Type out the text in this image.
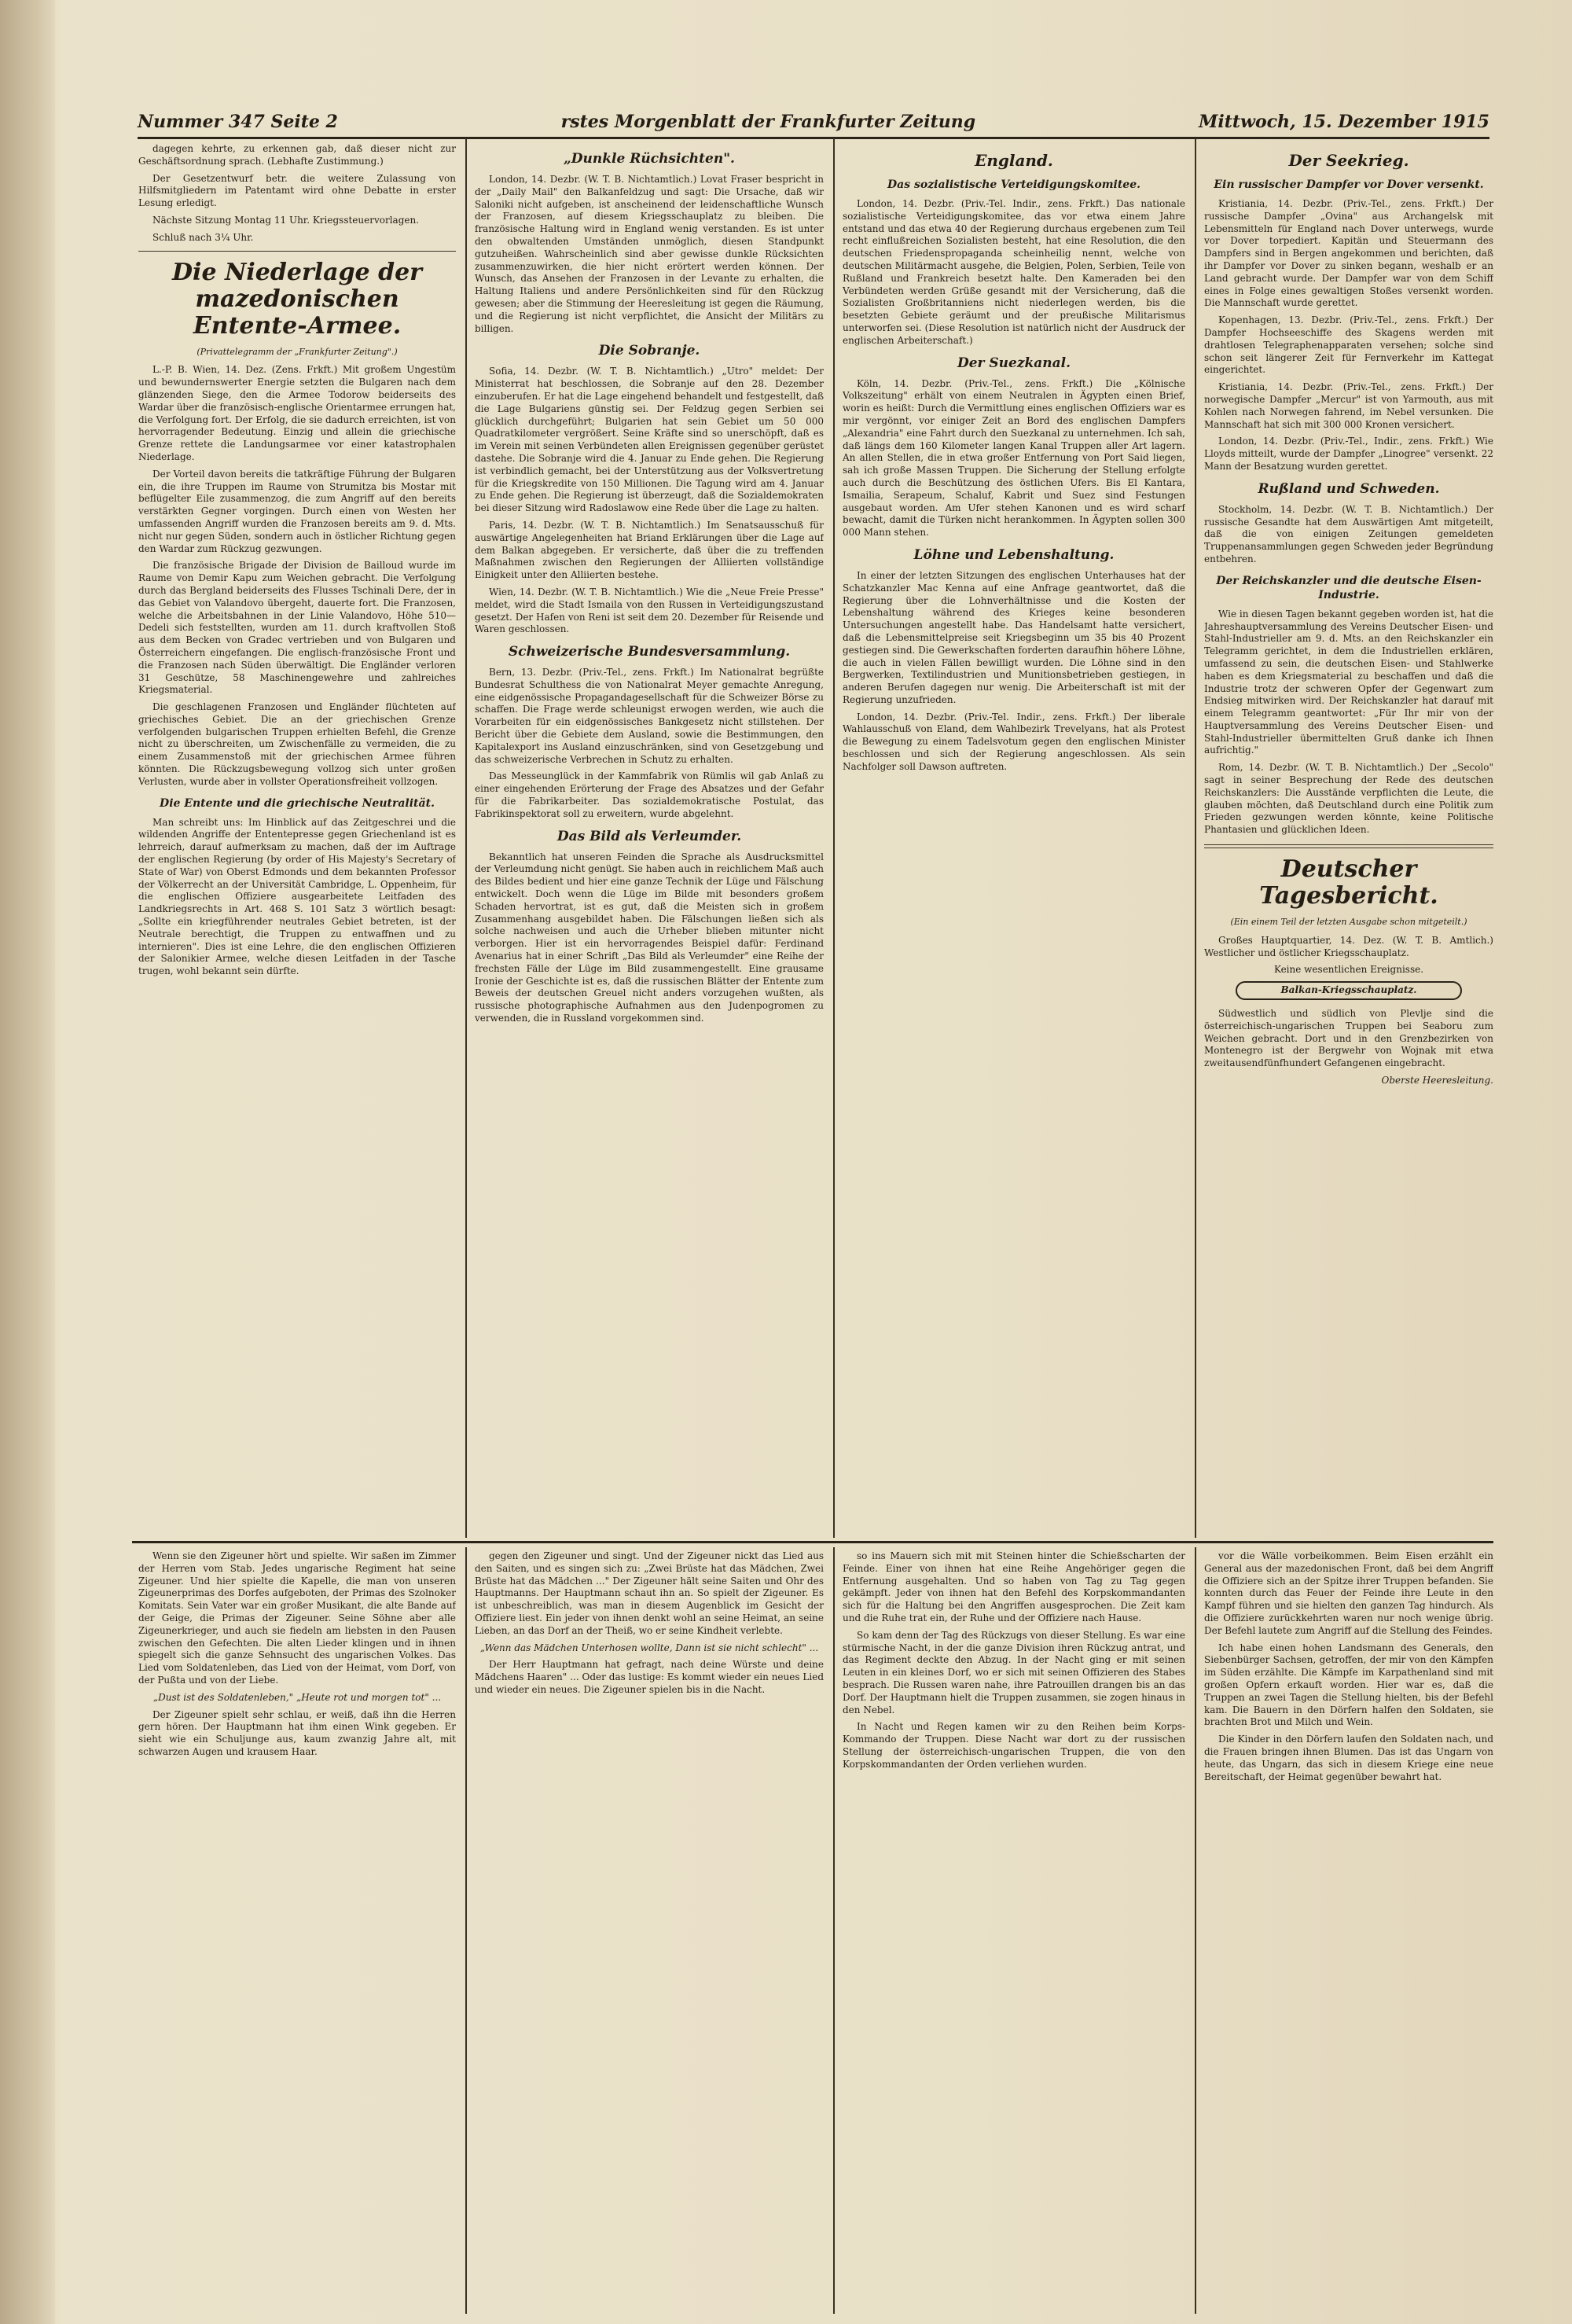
Nummer 347 Seite 2	rstes Morgenblatt der Frankfurter Zeitung	Mittwoch, 15. Dezember 1915

dagegen kehrte, zu erkennen gab, daß dieser nicht zur Geschäftsordnung sprach. (Lebhafte Zustimmung.)

Der Gesetzentwurf betr. die weitere Zulassung von Hilfsmitgliedern im Patentamt wird ohne Debatte in erster Lesung erledigt.

Nächste Sitzung Montag 11 Uhr. Kriegssteuervorlagen.

Schluß nach 3¼ Uhr.

Die Niederlage der mazedonischen Entente-Armee.
(Privattelegramm der „Frankfurter Zeitung".)

L.-P. B. Wien, 14. Dez. (Zens. Frkft.) Mit großem Ungestüm und bewundernswerter Energie setzten die Bulgaren nach dem glänzenden Siege, den die Armee Todorow beiderseits des Wardar über die französisch-englische Orientarmee errungen hat, die Verfolgung fort. Der Erfolg, die sie dadurch erreichten, ist von hervorragender Bedeutung. Einzig und allein die griechische Grenze rettete die Landungsarmee vor einer katastrophalen Niederlage.

Der Vorteil davon bereits die tatkräftige Führung der Bulgaren ein, die ihre Truppen im Raume von Strumitza bis Mostar mit beflügelter Eile zusammenzog, die zum Angriff auf den bereits verstärkten Gegner vorgingen. Durch einen von Westen her umfassenden Angriff wurden die Franzosen bereits am 9. d. Mts. nicht nur gegen Süden, sondern auch in östlicher Richtung gegen den Wardar zum Rückzug gezwungen.

Die französische Brigade der Division de Bailloud wurde im Raume von Demir Kapu zum Weichen gebracht. Die Verfolgung durch das Bergland beiderseits des Flusses Tschinali Dere, der in das Gebiet von Valandovo übergeht, dauerte fort. Die Franzosen, welche die Arbeitsbahnen in der Linie Valandovo, Höhe 510—Dedeli sich feststellten, wurden am 11. durch kraftvollen Stoß aus dem Becken von Gradec vertrieben und von Bulgaren und Österreichern eingefangen. Die englisch-französische Front und die Franzosen nach Süden überwältigt. Die Engländer verloren 31 Geschütze, 58 Maschinengewehre und zahlreiches Kriegsmaterial.

Die geschlagenen Franzosen und Engländer flüchteten auf griechisches Gebiet. Die an der griechischen Grenze verfolgenden bulgarischen Truppen erhielten Befehl, die Grenze nicht zu überschreiten, um Zwischenfälle zu vermeiden, die zu einem Zusammenstoß mit der griechischen Armee führen könnten. Die Rückzugsbewegung vollzog sich unter großen Verlusten, wurde aber in vollster Operationsfreiheit vollzogen.

Die Entente und die griechische Neutralität.

Man schreibt uns: Im Hinblick auf das Zeitgeschrei und die wildenden Angriffe der Ententepresse gegen Griechenland ist es lehrreich, darauf aufmerksam zu machen, daß der im Auftrage der englischen Regierung (by order of His Majesty's Secretary of State of War) von Oberst Edmonds und dem bekannten Professor der Völkerrecht an der Universität Cambridge, L. Oppenheim, für die englischen Offiziere ausgearbeitete Leitfaden des Landkriegsrechts in Art. 468 S. 101 Satz 3 wörtlich besagt: „Sollte ein kriegführender neutrales Gebiet betreten, ist der Neutrale berechtigt, die Truppen zu entwaffnen und zu internieren". Dies ist eine Lehre, die den englischen Offizieren der Salonikier Armee, welche diesen Leitfaden in der Tasche trugen, wohl bekannt sein dürfte.

„Dunkle Rüchsichten".

London, 14. Dezbr. (W. T. B. Nichtamtlich.) Lovat Fraser bespricht in der „Daily Mail" den Balkanfeldzug und sagt: Die Ursache, daß wir Saloniki nicht aufgeben, ist anscheinend der leidenschaftliche Wunsch der Franzosen, auf diesem Kriegsschauplatz zu bleiben. Die französische Haltung wird in England wenig verstanden. Es ist unter den obwaltenden Umständen unmöglich, diesen Standpunkt gutzuheißen. Wahrscheinlich sind aber gewisse dunkle Rücksichten zusammenzuwirken, die hier nicht erörtert werden können. Der Wunsch, das Ansehen der Franzosen in der Levante zu erhalten, die Haltung Italiens und andere Persönlichkeiten sind für den Rückzug gewesen; aber die Stimmung der Heeresleitung ist gegen die Räumung, und die Regierung ist nicht verpflichtet, die Ansicht der Militärs zu billigen.

Die Sobranje.

Sofia, 14. Dezbr. (W. T. B. Nichtamtlich.) „Utro" meldet: Der Ministerrat hat beschlossen, die Sobranje auf den 28. Dezember einzuberufen. Er hat die Lage eingehend behandelt und festgestellt, daß die Lage Bulgariens günstig sei. Der Feldzug gegen Serbien sei glücklich durchgeführt; Bulgarien hat sein Gebiet um 50 000 Quadratkilometer vergrößert. Seine Kräfte sind so unerschöpft, daß es im Verein mit seinen Verbündeten allen Ereignissen gegenüber gerüstet dastehe. Die Sobranje wird die 4. Januar zu Ende gehen. Die Regierung ist verbindlich gemacht, bei der Unterstützung aus der Volksvertretung für die Kriegskredite von 150 Millionen. Die Tagung wird am 4. Januar zu Ende gehen. Die Regierung ist überzeugt, daß die Sozialdemokraten bei dieser Sitzung wird Radoslawow eine Rede über die Lage zu halten.

Paris, 14. Dezbr. (W. T. B. Nichtamtlich.) Im Senatsausschuß für auswärtige Angelegenheiten hat Briand Erklärungen über die Lage auf dem Balkan abgegeben. Er versicherte, daß über die zu treffenden Maßnahmen zwischen den Regierungen der Alliierten vollständige Einigkeit unter den Alliierten bestehe.

Wien, 14. Dezbr. (W. T. B. Nichtamtlich.) Wie die „Neue Freie Presse" meldet, wird die Stadt Ismaila von den Russen in Verteidigungszustand gesetzt. Der Hafen von Reni ist seit dem 20. Dezember für Reisende und Waren geschlossen.

Schweizerische Bundesversammlung.

Bern, 13. Dezbr. (Priv.-Tel., zens. Frkft.) Im Nationalrat begrüßte Bundesrat Schulthess die von Nationalrat Meyer gemachte Anregung, eine eidgenössische Propagandagesellschaft für die Schweizer Börse zu schaffen. Die Frage werde schleunigst erwogen werden, wie auch die Vorarbeiten für ein eidgenössisches Bankgesetz nicht stillstehen. Der Bericht über die Gebiete dem Ausland, sowie die Bestimmungen, den Kapitalexport ins Ausland einzuschränken, sind von Gesetzgebung und das schweizerische Verbrechen in Schutz zu erhalten.

Das Messeunglück in der Kammfabrik von Rümlis wil gab Anlaß zu einer eingehenden Erörterung der Frage des Absatzes und der Gefahr für die Fabrikarbeiter. Das sozialdemokratische Postulat, das Fabrikinspektorat soll zu erweitern, wurde abgelehnt.

Das Bild als Verleumder.

Bekanntlich hat unseren Feinden die Sprache als Ausdrucksmittel der Verleumdung nicht genügt. Sie haben auch in reichlichem Maß auch des Bildes bedient und hier eine ganze Technik der Lüge und Fälschung entwickelt. Doch wenn die Lüge im Bilde mit besonders großem Schaden hervortrat, ist es gut, daß die Meisten sich in großem Zusammenhang ausgebildet haben. Die Fälschungen ließen sich als solche nachweisen und auch die Urheber blieben mitunter nicht verborgen. Hier ist ein hervorragendes Beispiel dafür: Ferdinand Avenarius hat in einer Schrift „Das Bild als Verleumder" eine Reihe der frechsten Fälle der Lüge im Bild zusammengestellt. Eine grausame Ironie der Geschichte ist es, daß die russischen Blätter der Entente zum Beweis der deutschen Greuel nicht anders vorzugehen wußten, als russische photographische Aufnahmen aus den Judenpogromen zu verwenden, die in Russland vorgekommen sind.

England.
Das sozialistische Verteidigungskomitee.

London, 14. Dezbr. (Priv.-Tel. Indir., zens. Frkft.) Das nationale sozialistische Verteidigungskomitee, das vor etwa einem Jahre entstand und das etwa 40 der Regierung durchaus ergebenen zum Teil recht einflußreichen Sozialisten besteht, hat eine Resolution, die den deutschen Friedenspropaganda scheinheilig nennt, welche von deutschen Militärmacht ausgehe, die Belgien, Polen, Serbien, Teile von Rußland und Frankreich besetzt halte. Den Kameraden bei den Verbündeten werden Grüße gesandt mit der Versicherung, daß die Sozialisten Großbritanniens nicht niederlegen werden, bis die besetzten Gebiete geräumt und der preußische Militarismus unterworfen sei. (Diese Resolution ist natürlich nicht der Ausdruck der englischen Arbeiterschaft.)

Der Suezkanal.

Köln, 14. Dezbr. (Priv.-Tel., zens. Frkft.) Die „Kölnische Volkszeitung" erhält von einem Neutralen in Ägypten einen Brief, worin es heißt: Durch die Vermittlung eines englischen Offiziers war es mir vergönnt, vor einiger Zeit an Bord des englischen Dampfers „Alexandria" eine Fahrt durch den Suezkanal zu unternehmen. Ich sah, daß längs dem 160 Kilometer langen Kanal Truppen aller Art lagern. An allen Stellen, die in etwa großer Entfernung von Port Said liegen, sah ich große Massen Truppen. Die Sicherung der Stellung erfolgte auch durch die Beschützung des östlichen Ufers. Bis El Kantara, Ismailia, Serapeum, Schaluf, Kabrit und Suez sind Festungen ausgebaut worden. Am Ufer stehen Kanonen und es wird scharf bewacht, damit die Türken nicht herankommen. In Ägypten sollen 300 000 Mann stehen.

Löhne und Lebenshaltung.

In einer der letzten Sitzungen des englischen Unterhauses hat der Schatzkanzler Mac Kenna auf eine Anfrage geantwortet, daß die Regierung über die Lohnverhältnisse und die Kosten der Lebenshaltung während des Krieges keine besonderen Untersuchungen angestellt habe. Das Handelsamt hatte versichert, daß die Lebensmittelpreise seit Kriegsbeginn um 35 bis 40 Prozent gestiegen sind. Die Gewerkschaften forderten daraufhin höhere Löhne, die auch in vielen Fällen bewilligt wurden. Die Löhne sind in den Bergwerken, Textilindustrien und Munitionsbetrieben gestiegen, in anderen Berufen dagegen nur wenig. Die Arbeiterschaft ist mit der Regierung unzufrieden.

London, 14. Dezbr. (Priv.-Tel. Indir., zens. Frkft.) Der liberale Wahlausschuß von Eland, dem Wahlbezirk Trevelyans, hat als Protest die Bewegung zu einem Tadelsvotum gegen den englischen Minister beschlossen und sich der Regierung angeschlossen. Als sein Nachfolger soll Dawson auftreten.

Der Seekrieg.
Ein russischer Dampfer vor Dover versenkt.

Kristiania, 14. Dezbr. (Priv.-Tel., zens. Frkft.) Der russische Dampfer „Ovina" aus Archangelsk mit Lebensmitteln für England nach Dover unterwegs, wurde vor Dover torpediert. Kapitän und Steuermann des Dampfers sind in Bergen angekommen und berichten, daß ihr Dampfer vor Dover zu sinken begann, weshalb er an Land gebracht wurde. Der Dampfer war von dem Schiff eines in Folge eines gewaltigen Stoßes versenkt worden. Die Mannschaft wurde gerettet.

Kopenhagen, 13. Dezbr. (Priv.-Tel., zens. Frkft.) Der Dampfer Hochseeschiffe des Skagens werden mit drahtlosen Telegraphenapparaten versehen; solche sind schon seit längerer Zeit für Fernverkehr im Kattegat eingerichtet.

Kristiania, 14. Dezbr. (Priv.-Tel., zens. Frkft.) Der norwegische Dampfer „Mercur" ist von Yarmouth, aus mit Kohlen nach Norwegen fahrend, im Nebel versunken. Die Mannschaft hat sich mit 300 000 Kronen versichert.

London, 14. Dezbr. (Priv.-Tel., Indir., zens. Frkft.) Wie Lloyds mitteilt, wurde der Dampfer „Linogree" versenkt. 22 Mann der Besatzung wurden gerettet.

Rußland und Schweden.

Stockholm, 14. Dezbr. (W. T. B. Nichtamtlich.) Der russische Gesandte hat dem Auswärtigen Amt mitgeteilt, daß die von einigen Zeitungen gemeldeten Truppenansammlungen gegen Schweden jeder Begründung entbehren.

Der Reichskanzler und die deutsche Eisen-Industrie.

Wie in diesen Tagen bekannt gegeben worden ist, hat die Jahreshauptversammlung des Vereins Deutscher Eisen- und Stahl-Industrieller am 9. d. Mts. an den Reichskanzler ein Telegramm gerichtet, in dem die Industriellen erklären, umfassend zu sein, die deutschen Eisen- und Stahlwerke haben es dem Kriegsmaterial zu beschaffen und daß die Industrie trotz der schweren Opfer der Gegenwart zum Endsieg mitwirken wird. Der Reichskanzler hat darauf mit einem Telegramm geantwortet: „Für Ihr mir von der Hauptversammlung des Vereins Deutscher Eisen- und Stahl-Industrieller übermittelten Gruß danke ich Ihnen aufrichtig."

Rom, 14. Dezbr. (W. T. B. Nichtamtlich.) Der „Secolo" sagt in seiner Besprechung der Rede des deutschen Reichskanzlers: Die Ausstände verpflichten die Leute, die glauben möchten, daß Deutschland durch eine Politik zum Frieden gezwungen werden könnte, keine Politische Phantasien und glücklichen Ideen.

Deutscher Tagesbericht.
(Ein einem Teil der letzten Ausgabe schon mitgeteilt.)

Großes Hauptquartier, 14. Dez. (W. T. B. Amtlich.) Westlicher und östlicher Kriegsschauplatz.

Keine wesentlichen Ereignisse.

Balkan-Kriegsschauplatz.

Südwestlich und südlich von Plevlje sind die österreichisch-ungarischen Truppen bei Seaboru zum Weichen gebracht. Dort und in den Grenzbezirken von Montenegro ist der Bergwehr von Wojnak mit etwa zweitausendfünfhundert Gefangenen eingebracht.

Oberste Heeresleitung.

Wenn sie den Zigeuner hört und spielte. Wir saßen im Zimmer der Herren vom Stab. Jedes ungarische Regiment hat seine Zigeuner. Und hier spielte die Kapelle, die man von unseren Zigeunerprimas des Dorfes aufgeboten, der Primas des Szolnoker Komitats. Sein Vater war ein großer Musikant, die alte Bande auf der Geige, die Primas der Zigeuner. Seine Söhne aber alle Zigeunerkrieger, und auch sie fiedeln am liebsten in den Pausen zwischen den Gefechten. Die alten Lieder klingen und in ihnen spiegelt sich die ganze Sehnsucht des ungarischen Volkes. Das Lied vom Soldatenleben, das Lied von der Heimat, vom Dorf, von der Pußta und von der Liebe.

„Dust ist des Soldatenleben," „Heute rot und morgen tot" ...

Der Zigeuner spielt sehr schlau, er weiß, daß ihn die Herren gern hören. Der Hauptmann hat ihm einen Wink gegeben. Er sieht wie ein Schuljunge aus, kaum zwanzig Jahre alt, mit schwarzen Augen und krausem Haar.

gegen den Zigeuner und singt. Und der Zigeuner nickt das Lied aus den Saiten, und es singen sich zu: „Zwei Brüste hat das Mädchen, Zwei Brüste hat das Mädchen ..." Der Zigeuner hält seine Saiten und Ohr des Hauptmanns. Der Hauptmann schaut ihn an. So spielt der Zigeuner. Es ist unbeschreiblich, was man in diesem Augenblick im Gesicht der Offiziere liest. Ein jeder von ihnen denkt wohl an seine Heimat, an seine Lieben, an das Dorf an der Theiß, wo er seine Kindheit verlebte.

„Wenn das Mädchen Unterhosen wollte, Dann ist sie nicht schlecht" ...

Der Herr Hauptmann hat gefragt, nach deine Würste und deine Mädchens Haaren" ... Oder das lustige: Es kommt wieder ein neues Lied und wieder ein neues. Die Zigeuner spielen bis in die Nacht.

so ins Mauern sich mit mit Steinen hinter die Schießscharten der Feinde. Einer von ihnen hat eine Reihe Angehöriger gegen die Entfernung ausgehalten. Und so haben von Tag zu Tag gegen gekämpft. Jeder von ihnen hat den Befehl des Korpskommandanten sich für die Haltung bei den Angriffen ausgesprochen. Die Zeit kam und die Ruhe trat ein, der Ruhe und der Offiziere nach Hause.

So kam denn der Tag des Rückzugs von dieser Stellung. Es war eine stürmische Nacht, in der die ganze Division ihren Rückzug antrat, und das Regiment deckte den Abzug. In der Nacht ging er mit seinen Leuten in ein kleines Dorf, wo er sich mit seinen Offizieren des Stabes besprach. Die Russen waren nahe, ihre Patrouillen drangen bis an das Dorf. Der Hauptmann hielt die Truppen zusammen, sie zogen hinaus in den Nebel.

In Nacht und Regen kamen wir zu den Reihen beim Korps-Kommando der Truppen. Diese Nacht war dort zu der russischen Stellung der österreichisch-ungarischen Truppen, die von den Korpskommandanten der Orden verliehen wurden.

vor die Wälle vorbeikommen. Beim Eisen erzählt ein General aus der mazedonischen Front, daß bei dem Angriff die Offiziere sich an der Spitze ihrer Truppen befanden. Sie konnten durch das Feuer der Feinde ihre Leute in den Kampf führen und sie hielten den ganzen Tag hindurch. Als die Offiziere zurückkehrten waren nur noch wenige übrig. Der Befehl lautete zum Angriff auf die Stellung des Feindes.

Ich habe einen hohen Landsmann des Generals, den Siebenbürger Sachsen, getroffen, der mir von den Kämpfen im Süden erzählte. Die Kämpfe im Karpathenland sind mit großen Opfern erkauft worden. Hier war es, daß die Truppen an zwei Tagen die Stellung hielten, bis der Befehl kam. Die Bauern in den Dörfern halfen den Soldaten, sie brachten Brot und Milch und Wein.

Die Kinder in den Dörfern laufen den Soldaten nach, und die Frauen bringen ihnen Blumen. Das ist das Ungarn von heute, das Ungarn, das sich in diesem Kriege eine neue Bereitschaft, der Heimat gegenüber bewahrt hat.
